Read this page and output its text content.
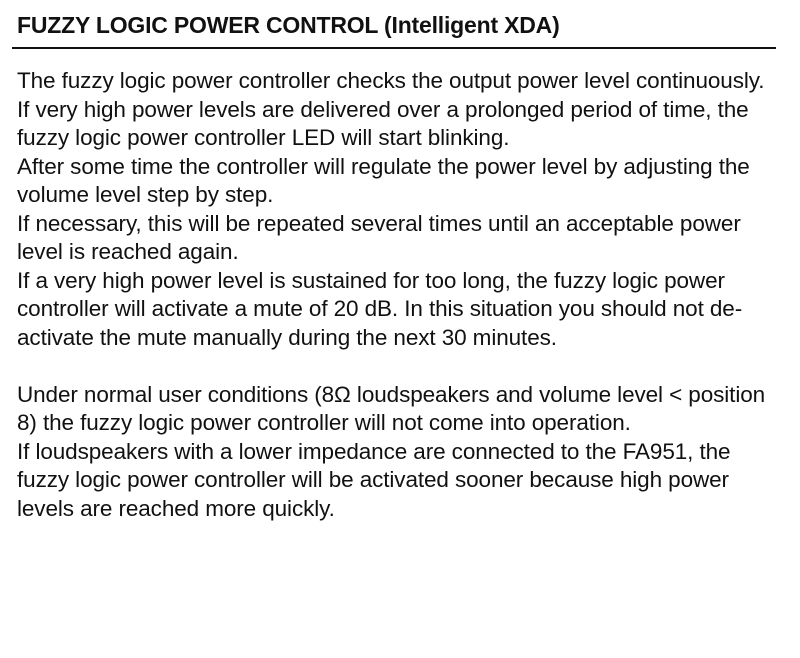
FUZZY LOGIC POWER CONTROL (Intelligent XDA)

The fuzzy logic power controller checks the output power level continuously.

If very high power levels are delivered over a prolonged period of time, the fuzzy logic power controller LED will start blinking.

After some time the controller will regulate the power level by adjusting the volume level step by step.

If necessary, this will be repeated several times until an acceptable power level is reached again.

If a very high power level is sustained for too long, the fuzzy logic power controller will activate a mute of 20 dB. In this situation you should not de-activate the mute manually during the next 30 minutes.

Under normal user conditions (8Ω loudspeakers and volume level < position 8) the fuzzy logic power controller will not come into operation.

If loudspeakers with a lower impedance are connected to the FA951, the fuzzy logic power controller will be activated sooner because high power levels are reached more quickly.
